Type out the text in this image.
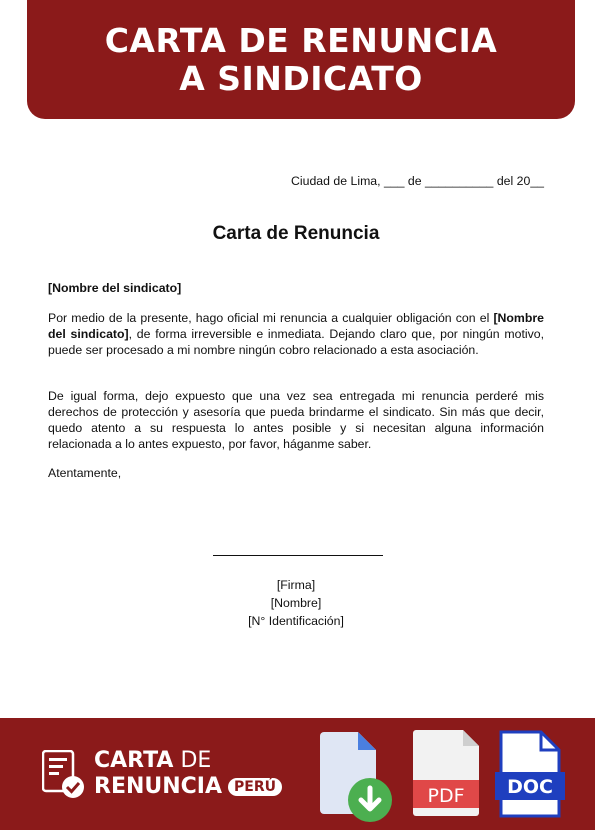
CARTA DE RENUNCIA
A SINDICATO
Ciudad de Lima, ___ de __________ del 20__
Carta de Renuncia
[Nombre del sindicato]
Por medio de la presente, hago oficial mi renuncia a cualquier obligación con el [Nombre del sindicato], de forma irreversible e inmediata. Dejando claro que, por ningún motivo, puede ser procesado a mi nombre ningún cobro relacionado a esta asociación.
De igual forma, dejo expuesto que una vez sea entregada mi renuncia perderé mis derechos de protección y asesoría que pueda brindarme el sindicato. Sin más que decir, quedo atento a su respuesta lo antes posible y si necesitan alguna información relacionada a lo antes expuesto, por favor, háganme saber.
Atentamente,
[Firma]
[Nombre]
[N° Identificación]
CARTA DE
RENUNCIA PERÚ	PDF DOC
